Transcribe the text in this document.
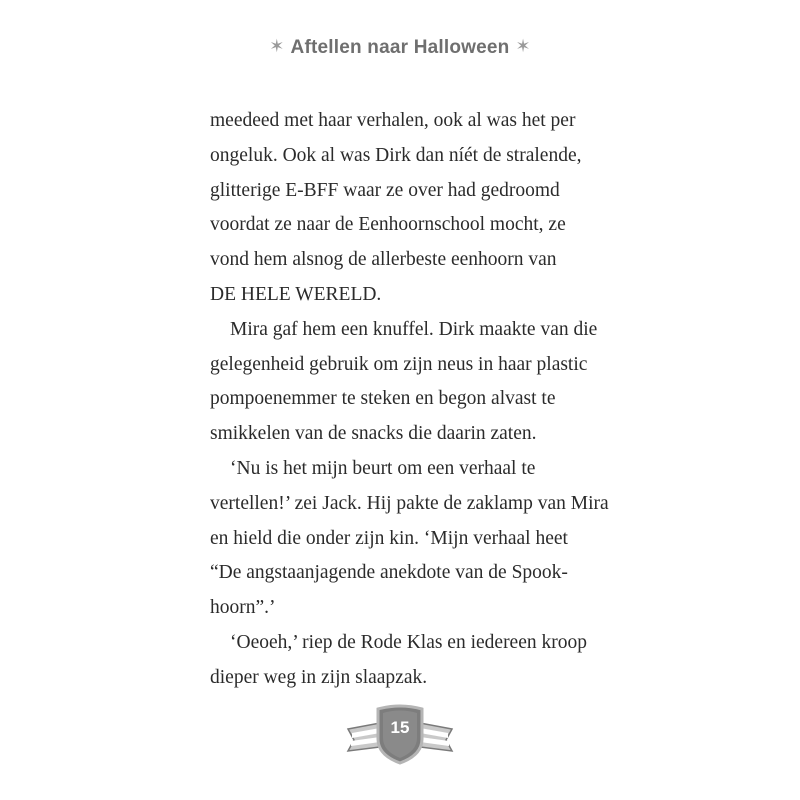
✶ Aftellen naar Halloween ✶
meedeed met haar verhalen, ook al was het per
ongeluk. Ook al was Dirk dan níét de stralende,
glitterige E-BFF waar ze over had gedroomd
voordat ze naar de Eenhoornschool mocht, ze
vond hem alsnog de allerbeste eenhoorn van
DE HELE WERELD.
Mira gaf hem een knuffel. Dirk maakte van die
gelegenheid gebruik om zijn neus in haar plastic
pompoenemmer te steken en begon alvast te
smikkelen van de snacks die daarin zaten.
‘Nu is het mijn beurt om een verhaal te
vertellen!’ zei Jack. Hij pakte de zaklamp van Mira
en hield die onder zijn kin. ‘Mijn verhaal heet
“De angstaanjagende anekdote van de Spook-
hoorn”.’
‘Oeoeh,’ riep de Rode Klas en iedereen kroop
dieper weg in zijn slaapzak.
15
